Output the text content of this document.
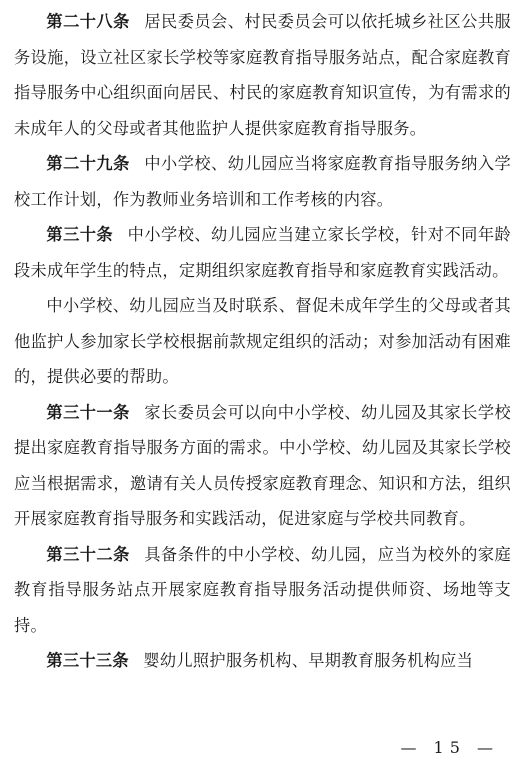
第二十八条 居民委员会、村民委员会可以依托城乡社区公共服务设施，设立社区家长学校等家庭教育指导服务站点，配合家庭教育指导服务中心组织面向居民、村民的家庭教育知识宣传，为有需求的未成年人的父母或者其他监护人提供家庭教育指导服务。

第二十九条 中小学校、幼儿园应当将家庭教育指导服务纳入学校工作计划，作为教师业务培训和工作考核的内容。

第三十条 中小学校、幼儿园应当建立家长学校，针对不同年龄段未成年学生的特点，定期组织家庭教育指导和家庭教育实践活动。

中小学校、幼儿园应当及时联系、督促未成年学生的父母或者其他监护人参加家长学校根据前款规定组织的活动；对参加活动有困难的，提供必要的帮助。

第三十一条 家长委员会可以向中小学校、幼儿园及其家长学校提出家庭教育指导服务方面的需求。中小学校、幼儿园及其家长学校应当根据需求，邀请有关人员传授家庭教育理念、知识和方法，组织开展家庭教育指导服务和实践活动，促进家庭与学校共同教育。

第三十二条 具备条件的中小学校、幼儿园，应当为校外的家庭教育指导服务站点开展家庭教育指导服务活动提供师资、场地等支持。

第三十三条 婴幼儿照护服务机构、早期教育服务机构应当

— 15 —
